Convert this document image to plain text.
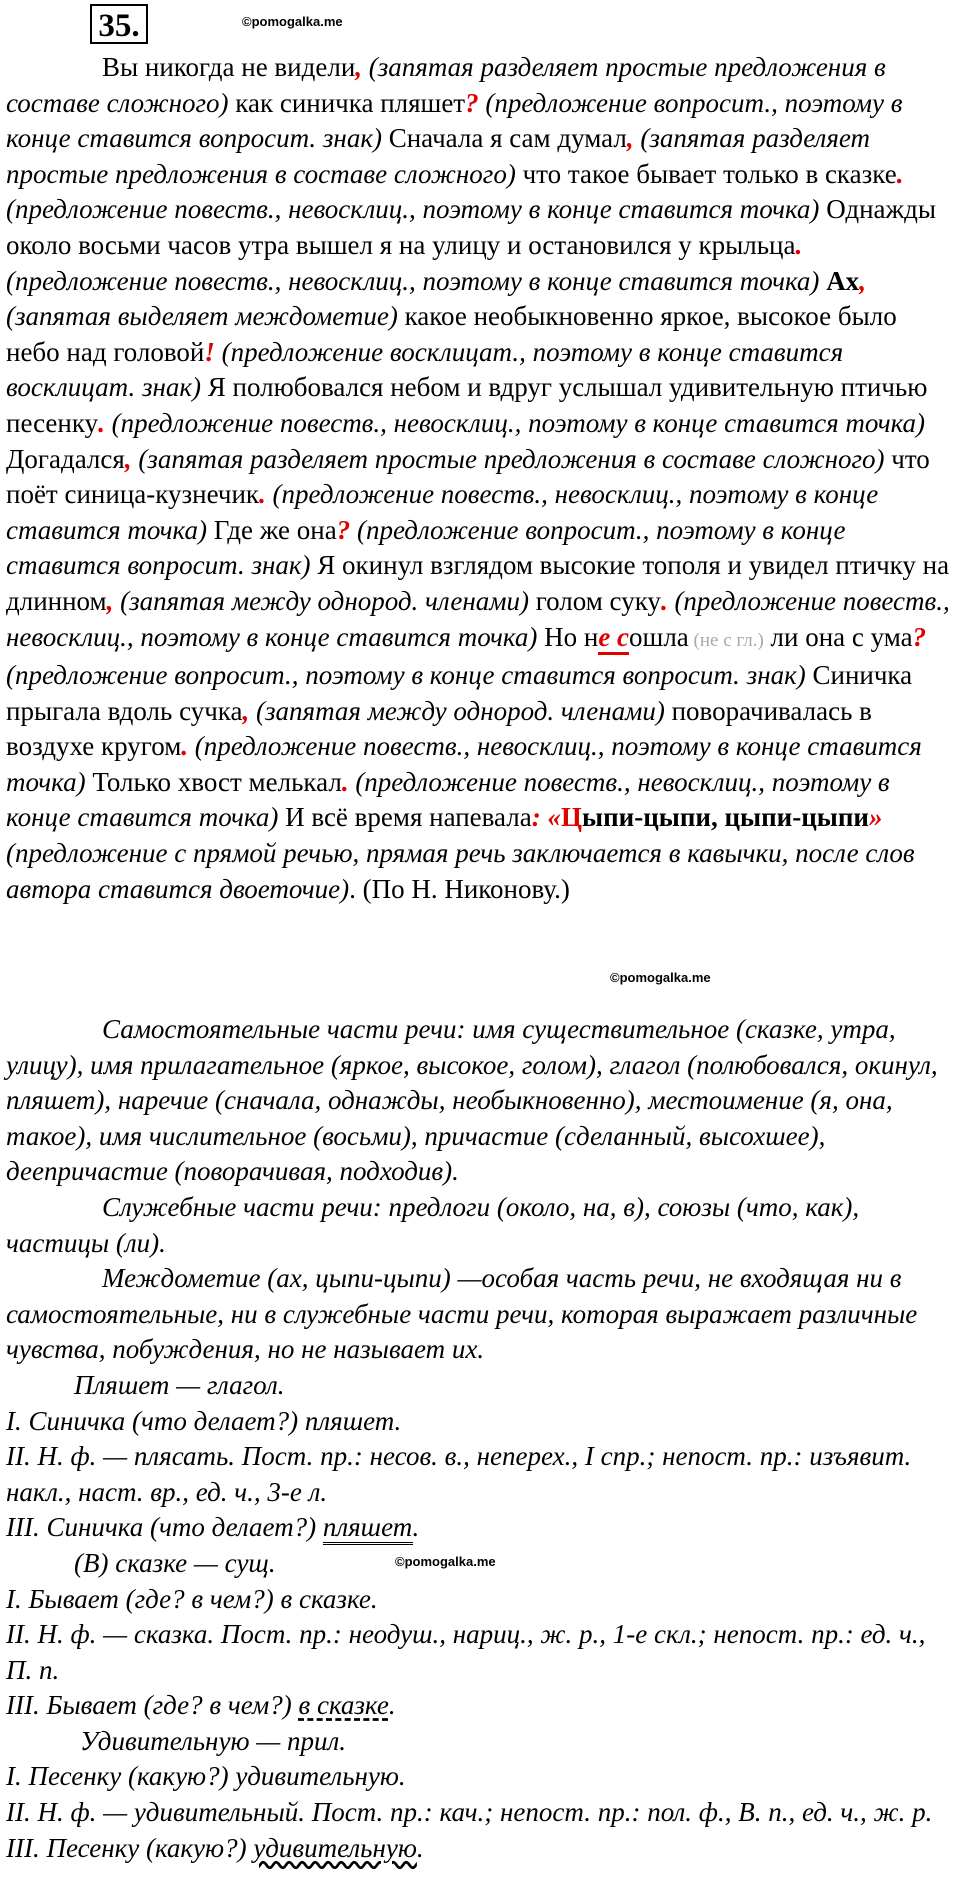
35.	©pomogalka.me

Вы никогда не видели, (запятая разделяет простые предложения в составе сложного) как синичка пляшет? (предложение вопросит., поэтому в конце ставится вопросит. знак) Сначала я сам думал, (запятая разделяет простые предложения в составе сложного) что такое бывает только в сказке. (предложение повеств., невосклиц., поэтому в конце ставится точка) Однажды около восьми часов утра вышел я на улицу и остановился у крыльца. (предложение повеств., невосклиц., поэтому в конце ставится точка) Ах, (запятая выделяет междометие) какое необыкновенно яркое, высокое было небо над головой! (предложение восклицат., поэтому в конце ставится восклицат. знак) Я полюбовался небом и вдруг услышал удивительную птичью песенку. (предложение повеств., невосклиц., поэтому в конце ставится точка) Догадался, (запятая разделяет простые предложения в составе сложного) что поёт синица-кузнечик. (предложение повеств., невосклиц., поэтому в конце ставится точка) Где же она? (предложение вопросит., поэтому в конце ставится вопросит. знак) Я окинул взглядом высокие тополя и увидел птичку на длинном, (запятая между однород. членами) голом суку. (предложение повеств., невосклиц., поэтому в конце ставится точка) Но не сошла (не с гл.) ли она с ума? (предложение вопросит., поэтому в конце ставится вопросит. знак) Синичка прыгала вдоль сучка, (запятая между однород. членами) поворачивалась в воздухе кругом. (предложение повеств., невосклиц., поэтому в конце ставится точка) Только хвост мелькал. (предложение повеств., невосклиц., поэтому в конце ставится точка) И всё время напевала: «Цыпи-цыпи, цыпи-цыпи» (предложение с прямой речью, прямая речь заключается в кавычки, после слов автора ставится двоеточие). (По Н. Никонову.)

©pomogalka.me

Самостоятельные части речи: имя существительное (сказке, утра, улицу), имя прилагательное (яркое, высокое, голом), глагол (полюбовался, окинул, пляшет), наречие (сначала, однажды, необыкновенно), местоимение (я, она, такое), имя числительное (восьми), причастие (сделанный, высохшее), деепричастие (поворачивая, подходив).

Служебные части речи: предлоги (около, на, в), союзы (что, как), частицы (ли).

Междометие (ах, цыпи-цыпи) —особая часть речи, не входящая ни в самостоятельные, ни в служебные части речи, которая выражает различные чувства, побуждения, но не называет их.

Пляшет — глагол.

I. Синичка (что делает?) пляшет.

II. Н. ф. — плясать. Пост. пр.: несов. в., неперех., I спр.; непост. пр.: изъявит. накл., наст. вр., ед. ч., 3-е л.

III. Синичка (что делает?) пляшет.

(В) сказке — сущ.

I. Бывает (где? в чем?) в сказке.

II. Н. ф. — сказка. Пост. пр.: неодуш., нариц., ж. р., 1-е скл.; непост. пр.: ед. ч., П. п.

III. Бывает (где? в чем?) в сказке.

Удивительную — прил.

I. Песенку (какую?) удивительную.

II. Н. ф. — удивительный. Пост. пр.: кач.; непост. пр.: пол. ф., В. п., ед. ч., ж. р.

III. Песенку (какую?) удивительную.

©pomogalka.me
